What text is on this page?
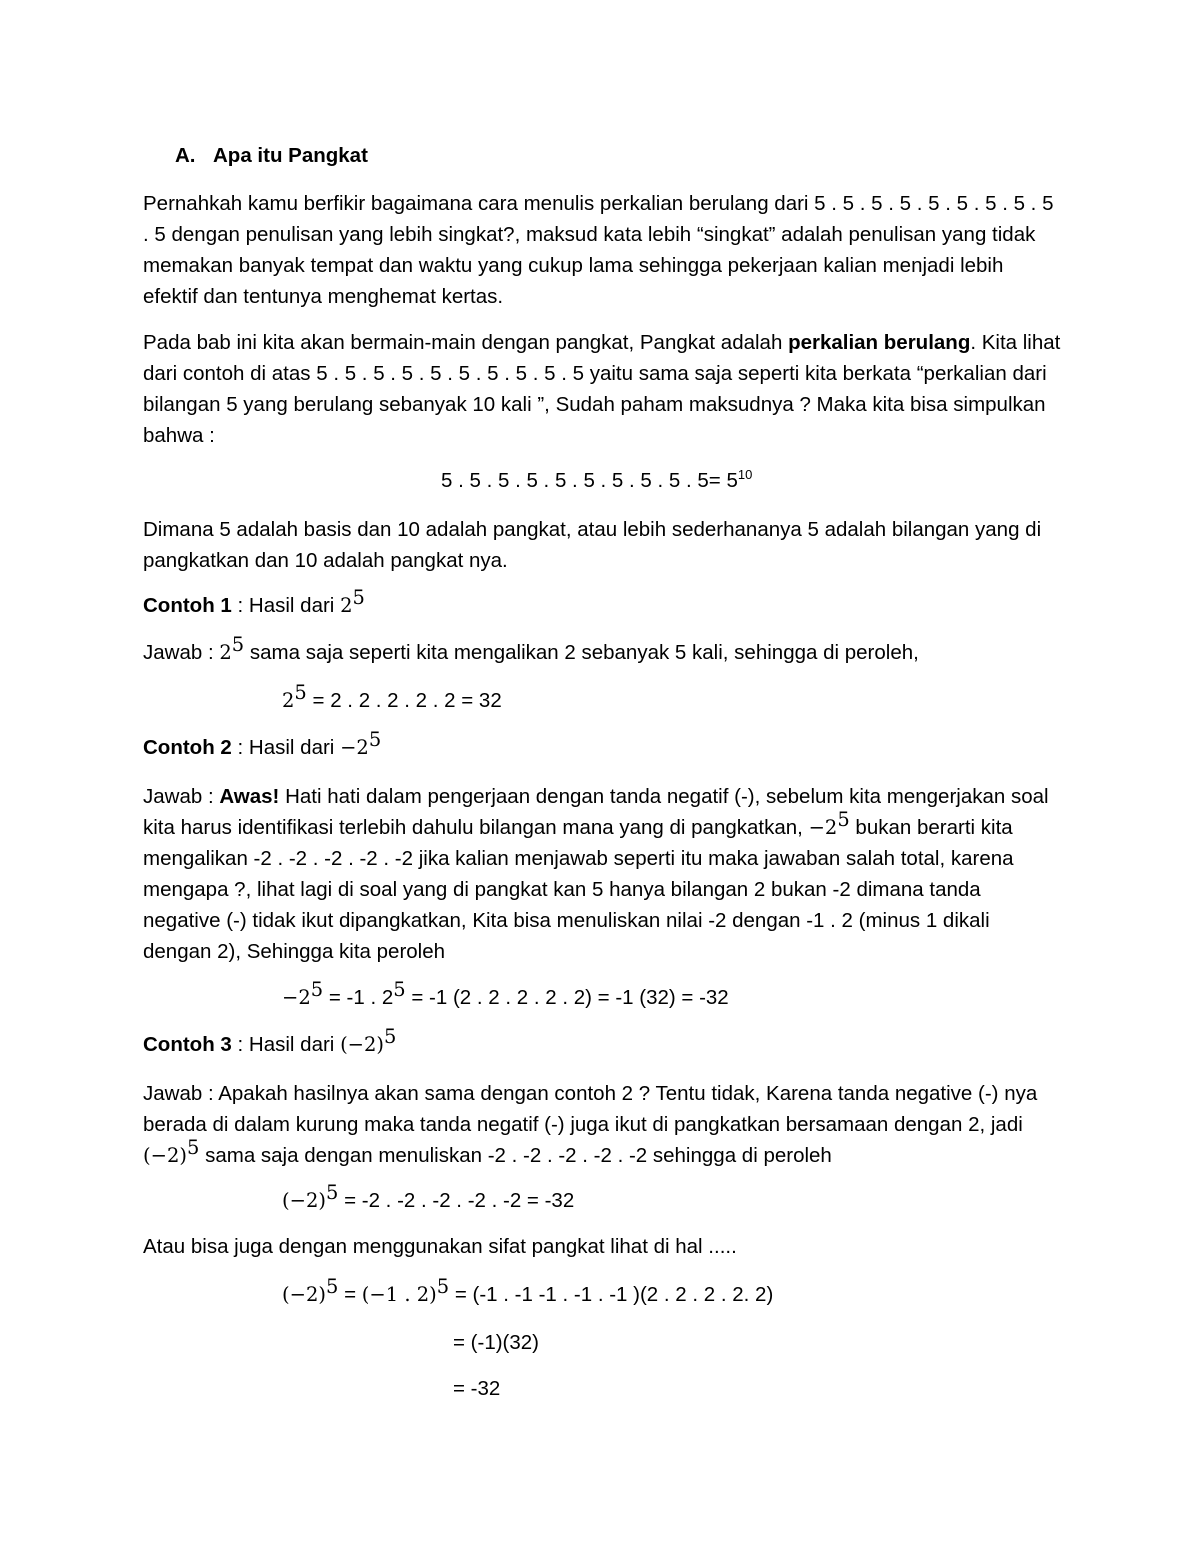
A. Apa itu Pangkat

Pernahkah kamu berfikir bagaimana cara menulis perkalian berulang dari 5 . 5 . 5 . 5 . 5 . 5 . 5 . 5 . 5 . 5 dengan penulisan yang lebih singkat?, maksud kata lebih “singkat” adalah penulisan yang tidak memakan banyak tempat dan waktu yang cukup lama sehingga pekerjaan kalian menjadi lebih efektif dan tentunya menghemat kertas.

Pada bab ini kita akan bermain-main dengan pangkat, Pangkat adalah perkalian berulang. Kita lihat dari contoh di atas 5 . 5 . 5 . 5 . 5 . 5 . 5 . 5 . 5 . 5 yaitu sama saja seperti kita berkata “perkalian dari bilangan 5 yang berulang sebanyak 10 kali ”, Sudah paham maksudnya ? Maka kita bisa simpulkan bahwa :

5 . 5 . 5 . 5 . 5 . 5 . 5 . 5 . 5 . $5= 5^{10}$

Dimana 5 adalah basis dan 10 adalah pangkat, atau lebih sederhananya 5 adalah bilangan yang di pangkatkan dan 10 adalah pangkat nya.

Contoh 1 : Hasil dari $2^5$
Jawab : $2^5$ sama saja seperti kita mengalikan 2 sebanyak 5 kali, sehingga di peroleh,
$2^5 = 2$ . 2 . 2 . 2 . 2 = 32
Contoh 2 : Hasil dari $-2^5$

Jawab : Awas! Hati hati dalam pengerjaan dengan tanda negatif (-), sebelum kita mengerjakan soal kita harus identifikasi terlebih dahulu bilangan mana yang di pangkatkan, $-2^5$ bukan berarti kita mengalikan -2 . -2 . -2 . -2 . -2 jika kalian menjawab seperti itu maka jawaban salah total, karena mengapa ?, lihat lagi di soal yang di pangkat kan 5 hanya bilangan 2 bukan -2 dimana tanda negative (-) tidak ikut dipangkatkan, Kita bisa menuliskan nilai -2 dengan -1 . 2 (minus 1 dikali dengan 2), Sehingga kita peroleh

$-2^5 = -1$ . $2^5 = -1$ (2 . 2 . 2 . 2 . 2) = -1 (32) = -32
Contoh 3 : Hasil dari $(-2)^5$

Jawab : Apakah hasilnya akan sama dengan contoh 2 ? Tentu tidak, Karena tanda negative (-) nya berada di dalam kurung maka tanda negatif (-) juga ikut di pangkatkan bersamaan dengan 2, jadi $(-2)^5$ sama saja dengan menuliskan -2 . -2 . -2 . -2 . -2 sehingga di peroleh

$(-2)^5 = -2$ . -2 . -2 . -2 . -2 = -32
Atau bisa juga dengan menggunakan sifat pangkat lihat di hal .....
$(-2)^5 = (-1$ . 2)$^5$ = (-1 . -1 -1 . -1 . -1 )(2 . 2 . 2 . 2. 2)
= (-1)(32)
= -32
